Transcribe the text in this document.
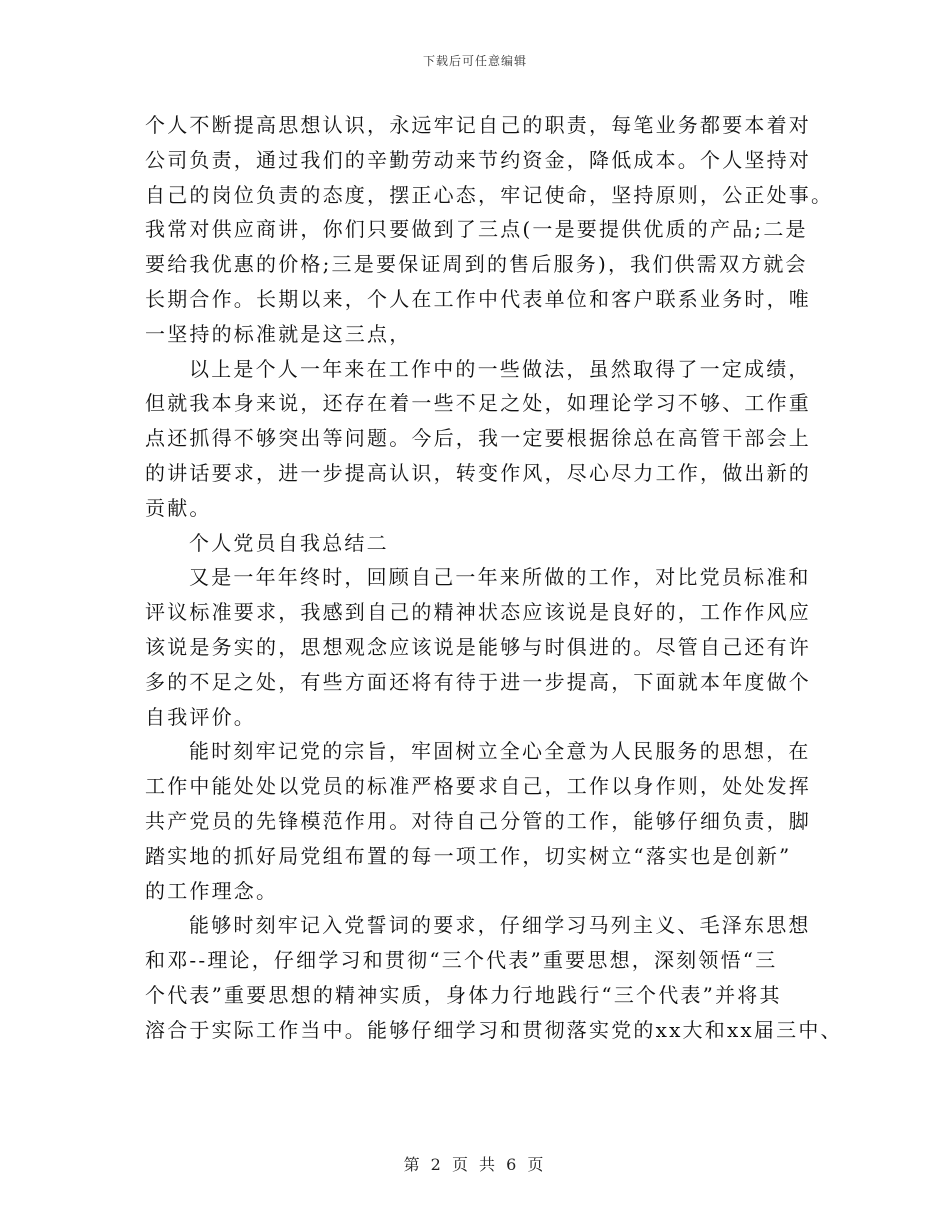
下载后可任意编辑
个人不断提高思想认识，永远牢记自己的职责，每笔业务都要本着对
公司负责，通过我们的辛勤劳动来节约资金，降低成本。个人坚持对
自己的岗位负责的态度，摆正心态，牢记使命，坚持原则，公正处事。
我常对供应商讲，你们只要做到了三点(一是要提供优质的产品;二是
要给我优惠的价格;三是要保证周到的售后服务)，我们供需双方就会
长期合作。长期以来，个人在工作中代表单位和客户联系业务时，唯
一坚持的标准就是这三点，
以上是个人一年来在工作中的一些做法，虽然取得了一定成绩，
但就我本身来说，还存在着一些不足之处，如理论学习不够、工作重
点还抓得不够突出等问题。今后，我一定要根据徐总在高管干部会上
的讲话要求，进一步提高认识，转变作风，尽心尽力工作，做出新的
贡献。
个人党员自我总结二
又是一年年终时，回顾自己一年来所做的工作，对比党员标准和
评议标准要求，我感到自己的精神状态应该说是良好的，工作作风应
该说是务实的，思想观念应该说是能够与时俱进的。尽管自己还有许
多的不足之处，有些方面还将有待于进一步提高，下面就本年度做个
自我评价。
能时刻牢记党的宗旨，牢固树立全心全意为人民服务的思想，在
工作中能处处以党员的标准严格要求自己，工作以身作则，处处发挥
共产党员的先锋模范作用。对待自己分管的工作，能够仔细负责，脚
踏实地的抓好局党组布置的每一项工作，切实树立“落实也是创新”
的工作理念。
能够时刻牢记入党誓词的要求，仔细学习马列主义、毛泽东思想
和邓--理论，仔细学习和贯彻“三个代表”重要思想，深刻领悟“三
个代表”重要思想的精神实质，身体力行地践行“三个代表”并将其
溶合于实际工作当中。能够仔细学习和贯彻落实党的xx大和xx届三中、
第 2 页 共 6 页
